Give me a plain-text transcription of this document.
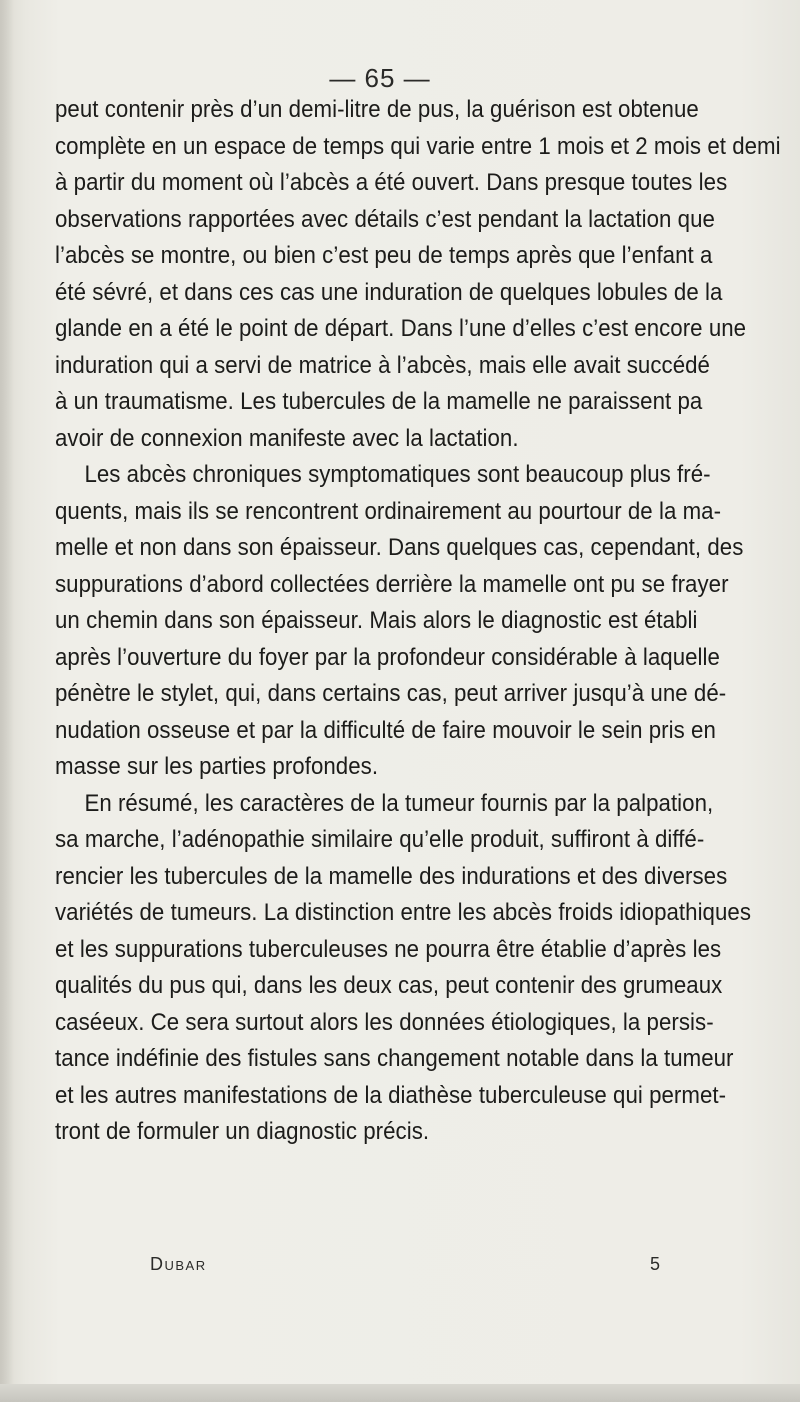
— 65 —
peut contenir près d’un demi-litre de pus, la guérison est obtenue
complète en un espace de temps qui varie entre 1 mois et 2 mois et demi
à partir du moment où l’abcès a été ouvert. Dans presque toutes les
observations rapportées avec détails c’est pendant la lactation que
l’abcès se montre, ou bien c’est peu de temps après que l’enfant a
été sévré, et dans ces cas une induration de quelques lobules de la
glande en a été le point de départ. Dans l’une d’elles c’est encore une
induration qui a servi de matrice à l’abcès, mais elle avait succédé
à un traumatisme. Les tubercules de la mamelle ne paraissent pa
avoir de connexion manifeste avec la lactation.
Les abcès chroniques symptomatiques sont beaucoup plus fré-
quents, mais ils se rencontrent ordinairement au pourtour de la ma-
melle et non dans son épaisseur. Dans quelques cas, cependant, des
suppurations d’abord collectées derrière la mamelle ont pu se frayer
un chemin dans son épaisseur. Mais alors le diagnostic est établi
après l’ouverture du foyer par la profondeur considérable à laquelle
pénètre le stylet, qui, dans certains cas, peut arriver jusqu’à une dé-
nudation osseuse et par la difficulté de faire mouvoir le sein pris en
masse sur les parties profondes.
En résumé, les caractères de la tumeur fournis par la palpation,
sa marche, l’adénopathie similaire qu’elle produit, suffiront à diffé-
rencier les tubercules de la mamelle des indurations et des diverses
variétés de tumeurs. La distinction entre les abcès froids idiopathiques
et les suppurations tuberculeuses ne pourra être établie d’après les
qualités du pus qui, dans les deux cas, peut contenir des grumeaux
caséeux. Ce sera surtout alors les données étiologiques, la persis-
tance indéfinie des fistules sans changement notable dans la tumeur
et les autres manifestations de la diathèse tuberculeuse qui permet-
tront de formuler un diagnostic précis.
Dubar	5
